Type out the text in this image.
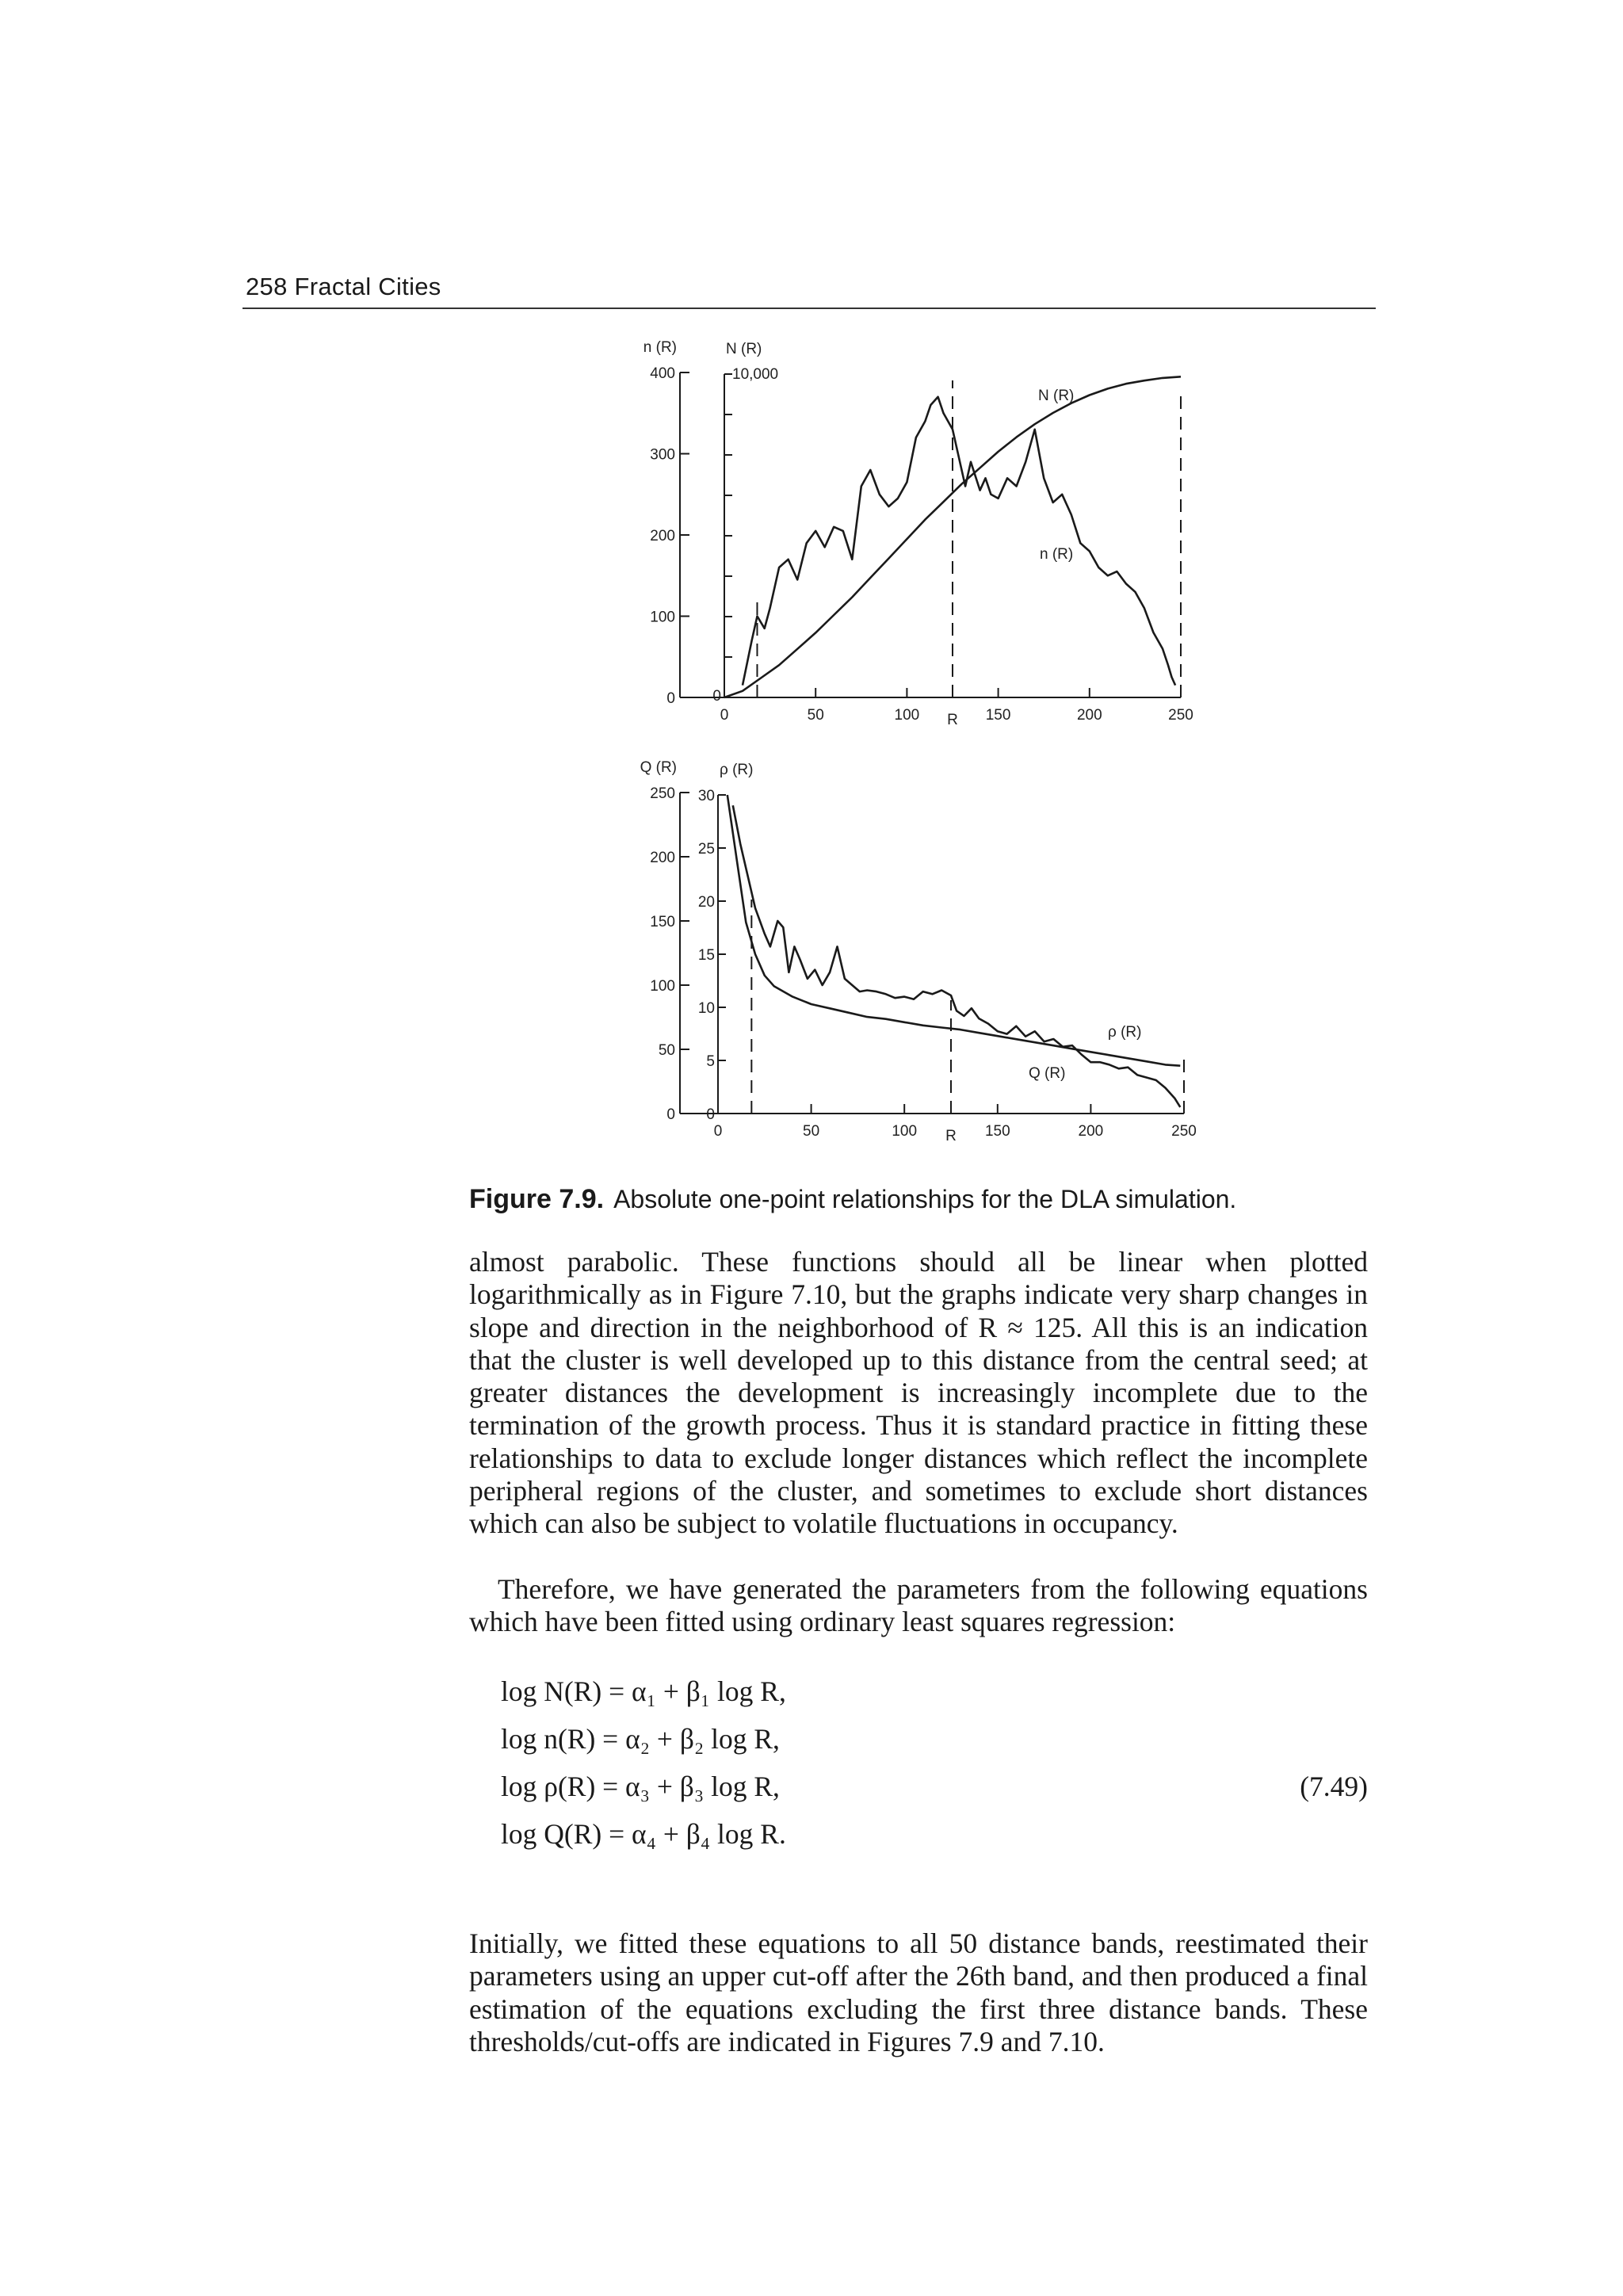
258 Fractal Cities
0
100
200
300
400
n (R)
0
10,000
N (R)
0	50	100	150	200	250
R
n (R)
N (R)
0
50
100
150
200
250
Q (R)
0
5
10
15
20
25
30
ρ (R)
0	50	100	150	200	250
R
ρ (R)
Q (R)
Figure 7.9. Absolute one-point relationships for the DLA simulation.

almost parabolic. These functions should all be linear when plotted logarithmically as in Figure 7.10, but the graphs indicate very sharp changes in slope and direction in the neighborhood of R ≈ 125. All this is an indication that the cluster is well developed up to this distance from the central seed; at greater distances the development is increasingly incomplete due to the termination of the growth process. Thus it is standard practice in fitting these relationships to data to exclude longer distances which reflect the incomplete peripheral regions of the cluster, and sometimes to exclude short distances which can also be subject to volatile fluctuations in occupancy.

Therefore, we have generated the parameters from the following equations which have been fitted using ordinary least squares regression:

log N(R) = α₁ + β₁ log R,
log n(R) = α₂ + β₂ log R,
log ρ(R) = α₃ + β₃ log R,	(7.49)
log Q(R) = α₄ + β₄ log R.

Initially, we fitted these equations to all 50 distance bands, reestimated their parameters using an upper cut-off after the 26th band, and then produced a final estimation of the equations excluding the first three distance bands. These thresholds/cut-offs are indicated in Figures 7.9 and 7.10.
